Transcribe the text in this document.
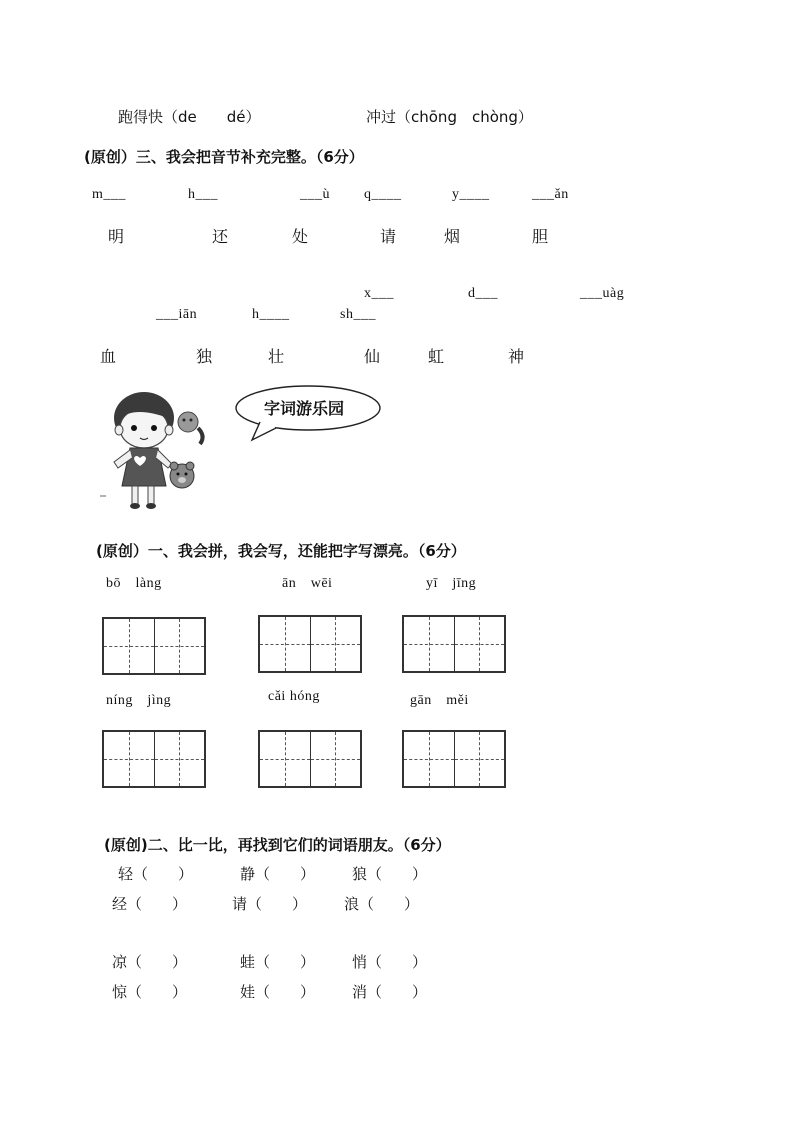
跑得快（de　　dé）	冲过（chōng　chòng）
(原创）三、我会把音节补充完整。（6分）
m___	h___	___ù q____	y____	___ǎn
明	还	处	请	烟	胆
x___	d___	___uàg
___iān	h____	sh___
血	独	壮	仙	虹	神
字词游乐园
(原创）一、我会拼，我会写，还能把字写漂亮。（6分）
bō　làng	ān　wēi	yī　jīng
níng　jìng	cǎi hóng	gān　měi
(原创)二、比一比，再找到它们的词语朋友。（6分）
轻（　　）	静（　　） 狼（　　）
经（　　）	请（　　） 浪（　　）
凉（　　）	蛙（　　） 悄（　　）
惊（　　）	娃（　　） 消（　　）
